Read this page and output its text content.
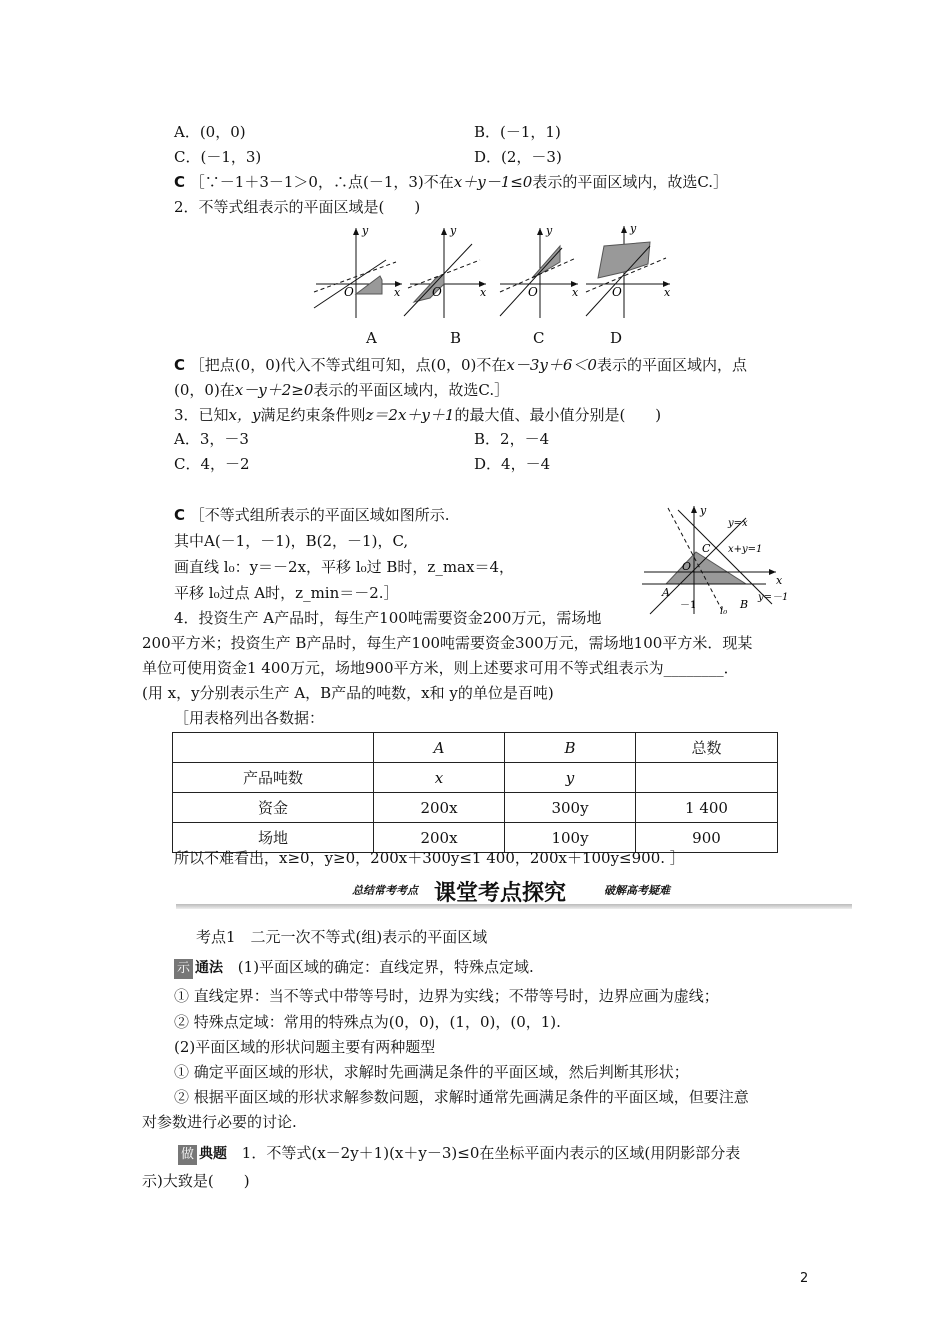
A．(0，0)	B．(－1，1)
C．(－1，3)	D．(2，－3)
C ［∵－1＋3－1＞0，∴点(－1，3)不在x＋y－1≤0表示的平面区域内，故选C.］
2．不等式组表示的平面区域是(　　)
y
x
O
y
x
O
y
x
O
y
x
O
A	B	C	D
C ［把点(0，0)代入不等式组可知，点(0，0)不在x－3y＋6＜0表示的平面区域内，点
(0，0)在x－y＋2≥0表示的平面区域内，故选C.］
3．已知x，y满足约束条件则z＝2x＋y＋1的最大值、最小值分别是(　　)
A．3，－3	B．2，－4
C．4，－2	D．4，－4
C ［不等式组所表示的平面区域如图所示.
其中A(－1，－1)，B(2，－1)，C,
画直线 l₀：y＝－2x，平移 l₀过 B时，z_max＝4，
平移 l₀过点 A时，z_min＝－2.］
y
x
y=x
x+y=1
y=－1
C
O
A
B
－1
l₀
4．投资生产 A产品时，每生产100吨需要资金200万元，需场地
200平方米；投资生产 B产品时，每生产100吨需要资金300万元，需场地100平方米．现某
单位可使用资金1 400万元，场地900平方米，则上述要求可用不等式组表示为________．
(用 x，y分别表示生产 A，B产品的吨数，x和 y的单位是百吨)
［用表格列出各数据：
	A	B	总数
产品吨数	x	y	
资金	200x	300y	1 400
场地	200x	100y	900
所以不难看出，x≥0，y≥0，200x＋300y≤1 400，200x＋100y≤900. ］
总结常考考点 课堂考点探究	破解高考疑难
考点1　二元一次不等式(组)表示的平面区域
示 通法 (1)平面区域的确定：直线定界，特殊点定域.
① 直线定界：当不等式中带等号时，边界为实线；不带等号时，边界应画为虚线；
② 特殊点定域：常用的特殊点为(0，0)，(1，0)，(0，1).
(2)平面区域的形状问题主要有两种题型
① 确定平面区域的形状，求解时先画满足条件的平面区域，然后判断其形状；
② 根据平面区域的形状求解参数问题，求解时通常先画满足条件的平面区域，但要注意
对参数进行必要的讨论.
做 典题 1．不等式(x－2y＋1)(x＋y－3)≤0在坐标平面内表示的区域(用阴影部分表
示)大致是(　　)
2
